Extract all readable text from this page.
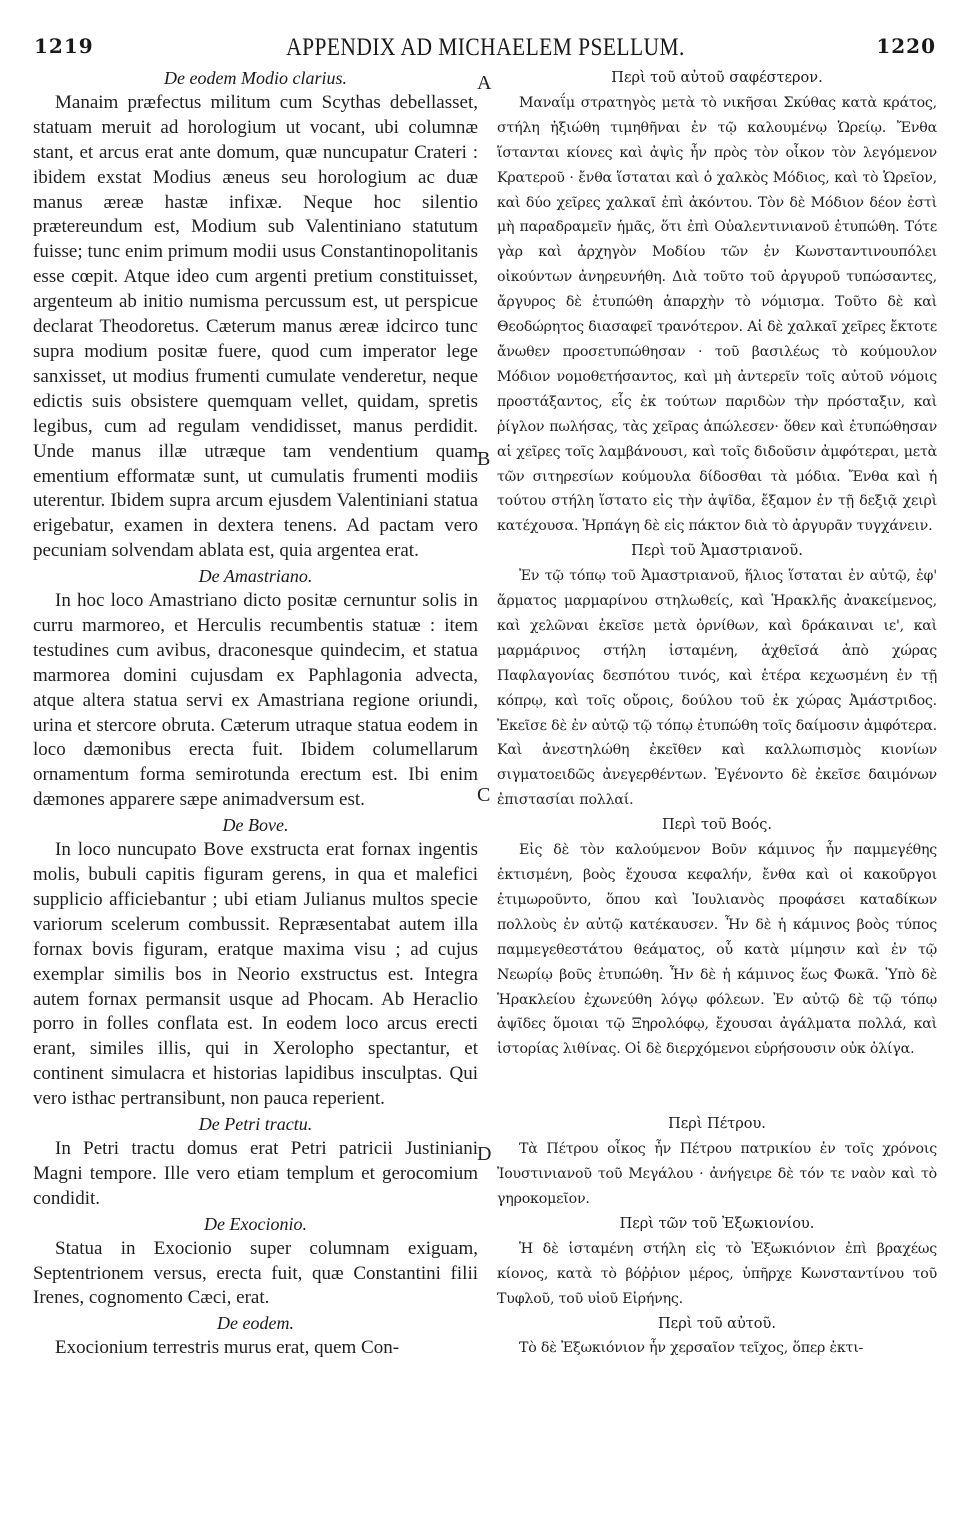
1219	APPENDIX AD MICHAELEM PSELLUM.	1220
A
B
C
D
De eodem Modio clarius.

Manaim præfectus militum cum Scythas debellasset, statuam meruit ad horologium ut vocant, ubi columnæ stant, et arcus erat ante domum, quæ nuncupatur Crateri : ibidem exstat Modius æneus seu horologium ac duæ manus æreæ hastæ infixæ. Neque hoc silentio prætereundum est, Modium sub Valentiniano statutum fuisse; tunc enim primum modii usus Constantinopolitanis esse cœpit. Atque ideo cum argenti pretium constituisset, argenteum ab initio numisma percussum est, ut perspicue declarat Theodoretus. Cæterum manus æreæ idcirco tunc supra modium positæ fuere, quod cum imperator lege sanxisset, ut modius frumenti cumulate venderetur, neque edictis suis obsistere quemquam vellet, quidam, spretis legibus, cum ad regulam vendidisset, manus perdidit. Unde manus illæ utræque tam vendentium quam ementium efformatæ sunt, ut cumulatis frumenti modiis uterentur. Ibidem supra arcum ejusdem Valentiniani statua erigebatur, examen in dextera tenens. Ad pactam vero pecuniam solvendam ablata est, quia argentea erat.

De Amastriano.

In hoc loco Amastriano dicto positæ cernuntur solis in curru marmoreo, et Herculis recumbentis statuæ : item testudines cum avibus, draconesque quindecim, et statua marmorea domini cujusdam ex Paphlagonia advecta, atque altera statua servi ex Amastriana regione oriundi, urina et stercore obruta. Cæterum utraque statua eodem in loco dæmonibus erecta fuit. Ibidem columellarum ornamentum forma semirotunda erectum est. Ibi enim dæmones apparere sæpe animadversum est.

De Bove.

In loco nuncupato Bove exstructa erat fornax ingentis molis, bubuli capitis figuram gerens, in qua et malefici supplicio afficiebantur ; ubi etiam Julianus multos specie variorum scelerum combussit. Repræsentabat autem illa fornax bovis figuram, eratque maxima visu ; ad cujus exemplar similis bos in Neorio exstructus est. Integra autem fornax permansit usque ad Phocam. Ab Heraclio porro in folles conflata est. In eodem loco arcus erecti erant, similes illis, qui in Xerolopho spectantur, et continent simulacra et historias lapidibus insculptas. Qui vero isthac pertransibunt, non pauca reperient.

De Petri tractu.

In Petri tractu domus erat Petri patricii Justiniani Magni tempore. Ille vero etiam templum et gerocomium condidit.

De Exocionio.

Statua in Exocionio super columnam exiguam, Septentrionem versus, erecta fuit, quæ Constantini filii Irenes, cognomento Cæci, erat.

De eodem.

Exocionium terrestris murus erat, quem Con-

Περὶ τοῦ αὐτοῦ σαφέστερον.

Μαναΐμ στρατηγὸς μετὰ τὸ νικῆσαι Σκύθας κατὰ κράτος, στήλη ἠξιώθη τιμηθῆναι ἐν τῷ καλουμένῳ Ὡρείῳ. Ἔνθα ἵστανται κίονες καὶ ἀψὶς ἦν πρὸς τὸν οἶκον τὸν λεγόμενον Κρατεροῦ · ἔνθα ἵσταται καὶ ὁ χαλκὸς Μόδιος, καὶ τὸ Ὡρεῖον, καὶ δύο χεῖρες χαλκαῖ ἐπὶ ἀκόντου. Τὸν δὲ Μόδιον δέον ἐστὶ μὴ παραδραμεῖν ἡμᾶς, ὅτι ἐπὶ Οὐαλεντινιανοῦ ἐτυπώθη. Τότε γὰρ καὶ ἀρχηγὸν Μοδίου τῶν ἐν Κωνσταντινουπόλει οἰκούντων ἀνηρευνήθη. Διὰ τοῦτο τοῦ ἀργυροῦ τυπώσαντες, ἄργυρος δὲ ἐτυπώθη ἀπαρχὴν τὸ νόμισμα. Τοῦτο δὲ καὶ Θεοδώρητος διασαφεῖ τρανότερον. Αἱ δὲ χαλκαῖ χεῖρες ἔκτοτε ἄνωθεν προσετυπώθησαν · τοῦ βασιλέως τὸ κούμουλον Μόδιον νομοθετήσαντος, καὶ μὴ ἀντερεῖν τοῖς αὐτοῦ νόμοις προστάξαντος, εἷς ἐκ τούτων παριδὼν τὴν πρόσταξιν, καὶ ῥίγλον πωλήσας, τὰς χεῖρας ἀπώλεσεν· ὅθεν καὶ ἐτυπώθησαν αἱ χεῖρες τοῖς λαμβάνουσι, καὶ τοῖς διδοῦσιν ἀμφότεραι, μετὰ τῶν σιτηρεσίων κούμουλα δίδοσθαι τὰ μόδια. Ἔνθα καὶ ἡ τούτου στήλη ἵστατο εἰς τὴν ἀψῖδα, ἔξαμον ἐν τῇ δεξιᾷ χειρὶ κατέχουσα. Ἡρπάγη δὲ εἰς πάκτον διὰ τὸ ἀργυρᾶν τυγχάνειν.

Περὶ τοῦ Ἀμαστριανοῦ.

Ἐν τῷ τόπῳ τοῦ Ἀμαστριανοῦ, ἥλιος ἵσταται ἐν αὐτῷ, ἐφ' ἅρματος μαρμαρίνου στηλωθείς, καὶ Ἡρακλῆς ἀνακείμενος, καὶ χελῶναι ἐκεῖσε μετὰ ὀρνίθων, καὶ δράκαιναι ιε', καὶ μαρμάρινος στήλη ἱσταμένη, ἀχθεῖσά ἀπὸ χώρας Παφλαγονίας δεσπότου τινός, καὶ ἑτέρα κεχωσμένη ἐν τῇ κόπρῳ, καὶ τοῖς οὔροις, δούλου τοῦ ἐκ χώρας Ἀμάστριδος. Ἐκεῖσε δὲ ἐν αὐτῷ τῷ τόπῳ ἐτυπώθη τοῖς δαίμοσιν ἀμφότερα. Καὶ ἀνεστηλώθη ἐκεῖθεν καὶ καλλωπισμὸς κιονίων σιγματοειδῶς ἀνεγερθέντων. Ἐγένοντο δὲ ἐκεῖσε δαιμόνων ἐπιστασίαι πολλαί.

Περὶ τοῦ Βοός.

Εἰς δὲ τὸν καλούμενον Βοῦν κάμινος ἦν παμμεγέθης ἐκτισμένη, βοὸς ἔχουσα κεφαλήν, ἔνθα καὶ οἱ κακοῦργοι ἐτιμωροῦντο, ὅπου καὶ Ἰουλιανὸς προφάσει καταδίκων πολλοὺς ἐν αὐτῷ κατέκαυσεν. Ἦν δὲ ἡ κάμινος βοὸς τύπος παμμεγεθεστάτου θεάματος, οὗ κατὰ μίμησιν καὶ ἐν τῷ Νεωρίῳ βοῦς ἐτυπώθη. Ἦν δὲ ἡ κάμινος ἕως Φωκᾶ. Ὑπὸ δὲ Ἡρακλείου ἐχωνεύθη λόγῳ φόλεων. Ἐν αὐτῷ δὲ τῷ τόπῳ ἀψῖδες ὅμοιαι τῷ Ξηρολόφῳ, ἔχουσαι ἀγάλματα πολλά, καὶ ἱστορίας λιθίνας. Οἱ δὲ διερχόμενοι εὑρήσουσιν οὐκ ὀλίγα.

Περὶ Πέτρου.

Τὰ Πέτρου οἶκος ἦν Πέτρου πατρικίου ἐν τοῖς χρόνοις Ἰουστινιανοῦ τοῦ Μεγάλου · ἀνήγειρε δὲ τόν τε ναὸν καὶ τὸ γηροκομεῖον.

Περὶ τῶν τοῦ Ἐξωκιονίου.

Ἡ δὲ ἱσταμένη στήλη εἰς τὸ Ἐξωκιόνιον ἐπὶ βραχέως κίονος, κατὰ τὸ βόῤῥιον μέρος, ὑπῆρχε Κωνσταντίνου τοῦ Τυφλοῦ, τοῦ υἱοῦ Εἰρήνης.

Περὶ τοῦ αὐτοῦ.

Τὸ δὲ Ἐξωκιόνιον ἦν χερσαῖον τεῖχος, ὅπερ ἐκτι-
